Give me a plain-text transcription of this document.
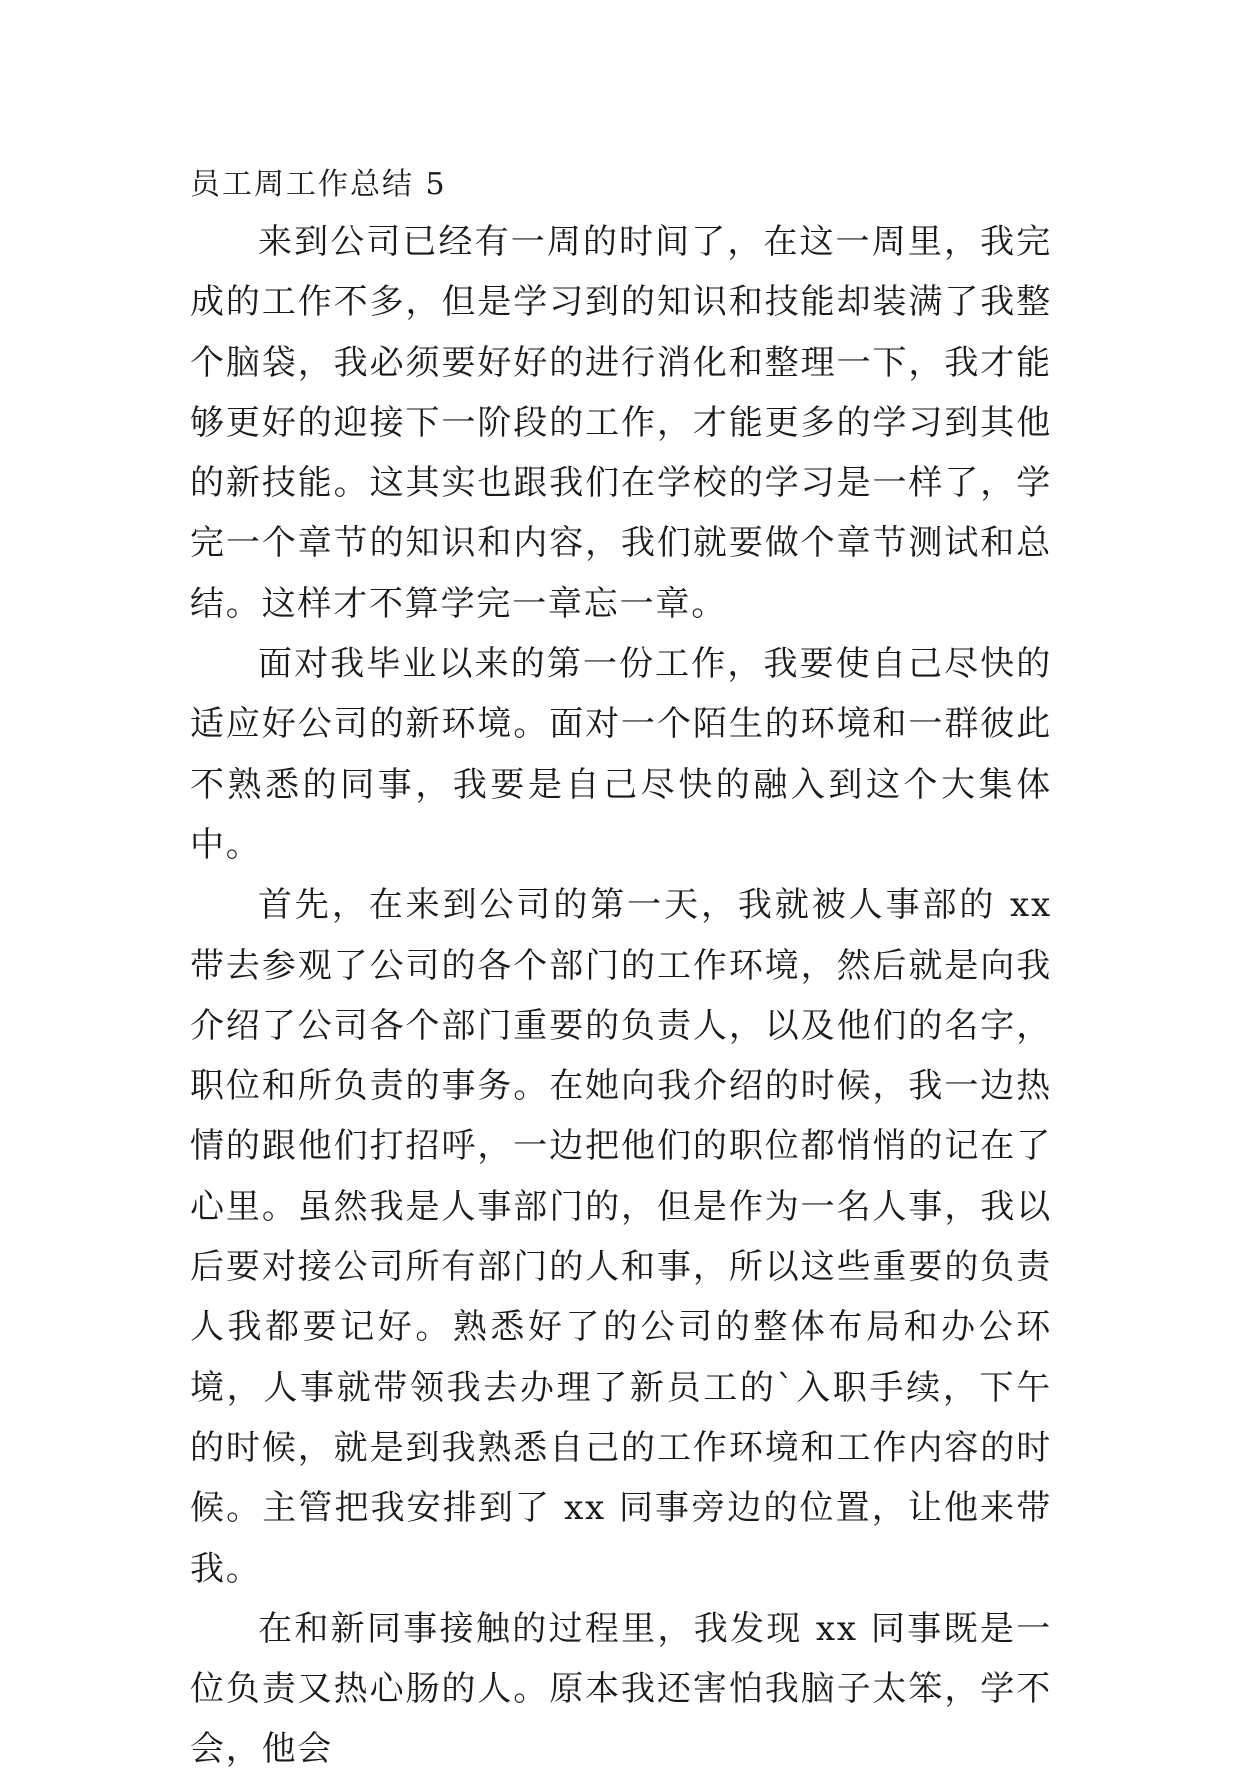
员工周工作总结 5

来到公司已经有一周的时间了，在这一周里，我完成的工作不多，但是学习到的知识和技能却装满了我整个脑袋，我必须要好好的进行消化和整理一下，我才能够更好的迎接下一阶段的工作，才能更多的学习到其他的新技能。这其实也跟我们在学校的学习是一样了，学完一个章节的知识和内容，我们就要做个章节测试和总结。这样才不算学完一章忘一章。

面对我毕业以来的第一份工作，我要使自己尽快的适应好公司的新环境。面对一个陌生的环境和一群彼此不熟悉的同事，我要是自己尽快的融入到这个大集体中。

首先，在来到公司的第一天，我就被人事部的 xx 带去参观了公司的各个部门的工作环境，然后就是向我介绍了公司各个部门重要的负责人，以及他们的名字，职位和所负责的事务。在她向我介绍的时候，我一边热情的跟他们打招呼，一边把他们的职位都悄悄的记在了心里。虽然我是人事部门的，但是作为一名人事，我以后要对接公司所有部门的人和事，所以这些重要的负责人我都要记好。熟悉好了的公司的整体布局和办公环境，人事就带领我去办理了新员工的`入职手续，下午的时候，就是到我熟悉自己的工作环境和工作内容的时候。主管把我安排到了 xx 同事旁边的位置，让他来带我。

在和新同事接触的过程里，我发现 xx 同事既是一位负责又热心肠的人。原本我还害怕我脑子太笨，学不会，他会
